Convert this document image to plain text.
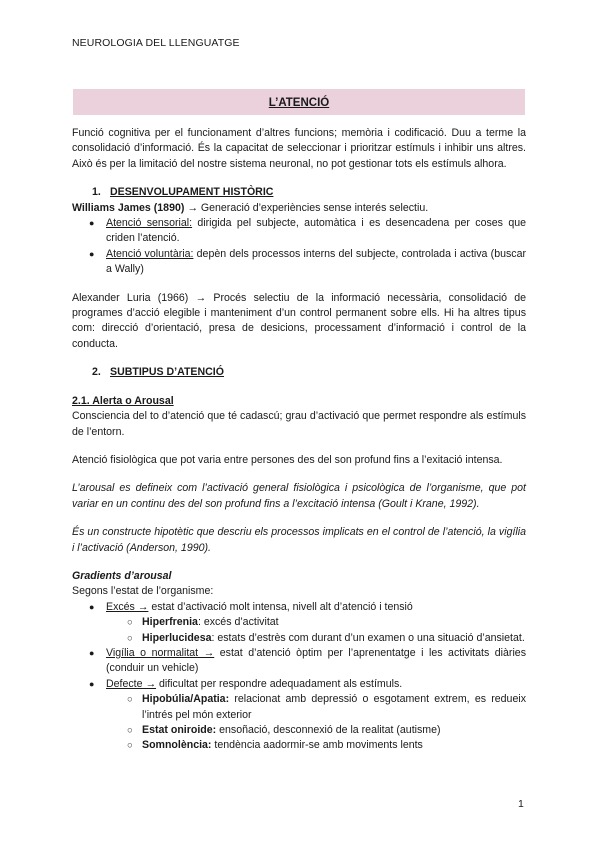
NEUROLOGIA DEL LLENGUATGE
L’ATENCIÓ

Funció cognitiva per el funcionament d’altres funcions; memòria i codificació. Duu a terme la consolidació d’informació. És la capacitat de seleccionar i prioritzar estímuls i inhibir uns altres. Això és per la limitació del nostre sistema neuronal, no pot gestionar tots els estímuls alhora.

1. DESENVOLUPAMENT HISTÒRIC

Williams James (1890) → Generació d’experiències sense interés selectiu.

● Atenció sensorial: dirigida pel subjecte, automàtica i es desencadena per coses que criden l’atenció.
● Atenció voluntària: depèn dels processos interns del subjecte, controlada i activa (buscar a Wally)

Alexander Luria (1966) → Procés selectiu de la informació necessària, consolidació de programes d’acció elegible i manteniment d’un control permanent sobre ells. Hi ha altres tipus com: direcció d’orientació, presa de desicions, processament d’informació i control de la conducta.

2. SUBTIPUS D’ATENCIÓ

2.1. Alerta o Arousal

Consciencia del to d’atenció que té cadascú; grau d’activació que permet respondre als estímuls de l’entorn.

Atenció fisiològica que pot varia entre persones des del son profund fins a l’exitació intensa.

L’arousal es defineix com l’activació general fisiològica i psicològica de l’organisme, que pot variar en un continu des del son profund fins a l’excitació intensa (Goult i Krane, 1992).

És un constructe hipotètic que descriu els processos implicats en el control de l’atenció, la vigília i l’activació (Anderson, 1990).

Gradients d’arousal

Segons l’estat de l’organisme:

● Excés → estat d’activació molt intensa, nivell alt d’atenció i tensió
○ Hiperfrenia: excés d’activitat
○ Hiperlucidesa: estats d’estrès com durant d’un examen o una situació d’ansietat.
● Vigília o normalitat → estat d’atenció òptim per l’aprenentatge i les activitats diàries (conduir un vehicle)
● Defecte → dificultat per respondre adequadament als estímuls.
○ Hipobúlia/Apatia: relacionat amb depressió o esgotament extrem, es redueix l’intrés pel món exterior
○ Estat oniroide: ensoñació, desconnexió de la realitat (autisme)
○ Somnolència: tendència aadormir-se amb moviments lents
1
